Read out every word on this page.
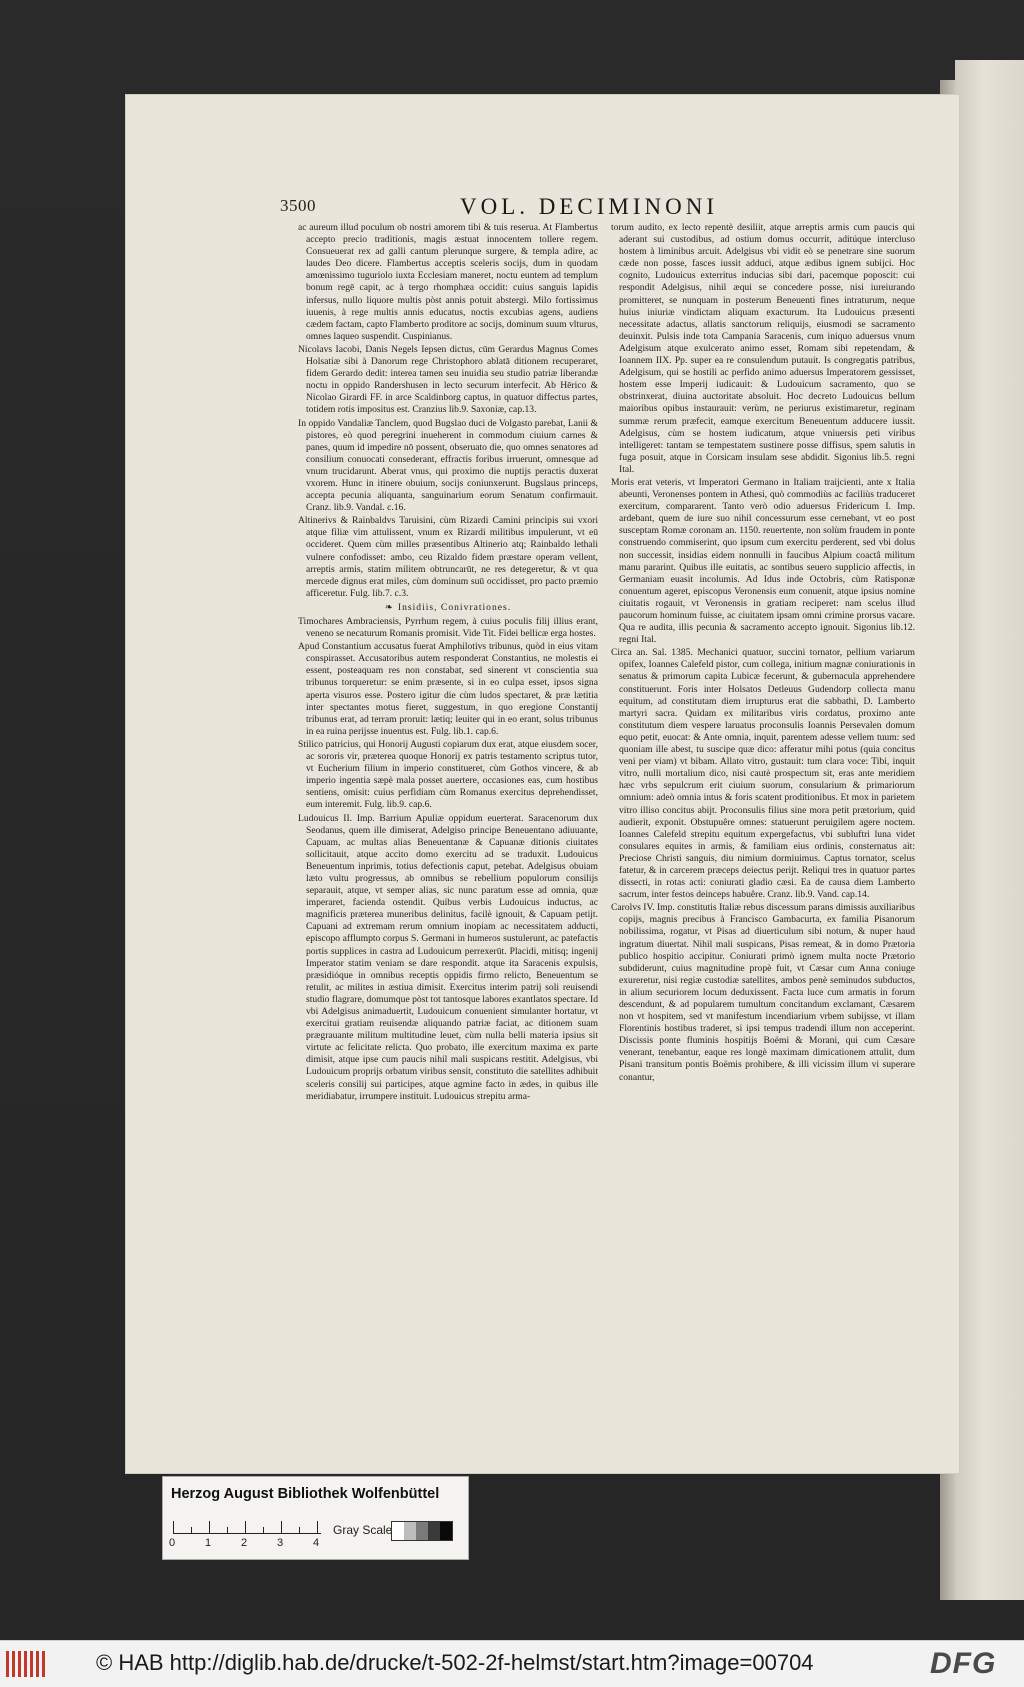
3500	VOL. DECIMINONI

ac aureum illud poculum ob nostri amorem tibi & tuis reserua. At Flambertus accepto precio traditionis, magis æstuat innocentem tollere regem. Consueuerat rex ad galli cantum plerunque surgere, & templa adire, ac laudes Deo dicere. Flambertus acceptis sceleris socijs, dum in quodam amœnissimo tuguriolo iuxta Ecclesiam maneret, noctu euntem ad templum bonum regē capit, ac à tergo rhomphæa occidit: cuius sanguis lapidis infersus, nullo liquore multis pòst annis potuit abstergi. Milo fortissimus iuuenis, à rege multis annis educatus, noctis excubias agens, audiens cædem factam, capto Flamberto proditore ac socijs, dominum suum vlturus, omnes laqueo suspendit. Cuspinianus.

Nicolavs Iacobi, Danis Negels Iepsen dictus, cūm Gerardus Magnus Comes Holsatiæ sibi à Danorum rege Christophoro ablatā ditionem recuperaret, fidem Gerardo dedit: interea tamen seu inuidia seu studio patriæ liberandæ noctu in oppido Randershusen in lecto securum interfecit. Ab Hērico & Nicolao Girardi FF. in arce Scaldinborg captus, in quatuor diffectus partes, totidem rotis impositus est. Cranzius lib.9. Saxoniæ, cap.13.

In oppido Vandaliæ Tanclem, quod Bugslao duci de Volgasto parebat, Lanii & pistores, eò quod peregrini inueherent in commodum ciuium carnes & panes, quum id impedire nō possent, obseruato die, quo omnes senatores ad consilium conuocati consederant, effractis foribus irruerunt, omnesque ad vnum trucidarunt. Aberat vnus, qui proximo die nuptijs peractis duxerat vxorem. Hunc in itinere obuium, socijs coniunxerunt. Bugslaus princeps, accepta pecunia aliquanta, sanguinarium eorum Senatum confirmauit. Cranz. lib.9. Vandal. c.16.

Altinerivs & Rainbaldvs Taruisini, cùm Rizardi Camini principis sui vxori atque filiæ vim attulissent, vnum ex Rizardi militibus impulerunt, vt eū occideret. Quem cùm milles præsentibus Altinerio atq; Rainbaldo lethali vulnere confodisset: ambo, ceu Rizaldo fidem præstare operam vellent, arreptis armis, statim militem obtruncarūt, ne res detegeretur, & vt qua mercede dignus erat miles, cùm dominum suū occidisset, pro pacto præmio afficeretur. Fulg. lib.7. c.3.

❧ Insidiis, Conivrationes.

Timochares Ambraciensis, Pyrrhum regem, à cuius poculis filij illius erant, veneno se necaturum Romanis promisit. Vide Tit. Fidei bellicæ erga hostes.

Apud Constantium accusatus fuerat Amphilotivs tribunus, quòd in eius vitam conspirasset. Accusatoribus autem responderat Constantius, ne molestis ei essent, posteaquam res non constabat, sed sinerent vt conscientia sua tribunus torqueretur: se enim præsente, si in eo culpa esset, ipsos signa aperta visuros esse. Postero igitur die cùm ludos spectaret, & præ lætitia inter spectantes motus fieret, suggestum, in quo eregione Constantij tribunus erat, ad terram proruit: lætiq; leuiter qui in eo erant, solus tribunus in ea ruina perijsse inuentus est. Fulg. lib.1. cap.6.

Stilico patricius, qui Honorij Augusti copiarum dux erat, atque eiusdem socer, ac sororis vir, præterea quoque Honorij ex patris testamento scriptus tutor, vt Eucherium filium in imperio constitueret, cùm Gothos vincere, & ab imperio ingentia sæpè mala posset auertere, occasiones eas, cum hostibus sentiens, omisit: cuius perfidiam cùm Romanus exercitus deprehendisset, eum interemit. Fulg. lib.9. cap.6.

Ludouicus II. Imp. Barrium Apuliæ oppidum euerterat. Saracenorum dux Seodanus, quem ille dimiserat, Adelgiso principe Beneuentano adiuuante, Capuam, ac multas alias Beneuentanæ & Capuanæ ditionis ciuitates sollicitauit, atque accito domo exercitu ad se traduxit. Ludouicus Beneuentum inprimis, totius defectionis caput, petebat. Adelgisus obuiam læto vultu progressus, ab omnibus se rebellium populorum consilijs separauit, atque, vt semper alias, sic nunc paratum esse ad omnia, quæ imperaret, facienda ostendit. Quibus verbis Ludouicus inductus, ac magnificis præterea muneribus delinitus, facilè ignouit, & Capuam petijt. Capuani ad extremam rerum omnium inopiam ac necessitatem adducti, episcopo afflumpto corpus S. Germani in humeros sustulerunt, ac patefactis portis supplices in castra ad Ludouicum perrexerūt. Placidi, mitisq; ingenij Imperator statim veniam se dare respondit. atque ita Saracenis expulsis, præsidióque in omnibus receptis oppidis firmo relicto, Beneuentum se retulit, ac milites in æstiua dimisit. Exercitus interim patrij soli reuisendi studio flagrare, domumque pòst tot tantosque labores exantlatos spectare. Id vbi Adelgisus animaduertit, Ludouicum conuenient simulanter hortatur, vt exercitui gratiam reuisendæ aliquando patriæ faciat, ac ditionem suam prægrauante militum multitudine leuet, cùm nulla belli materia ipsius sit virtute ac felicitate relicta. Quo probato, ille exercitum maxima ex parte dimisit, atque ipse cum paucis nihil mali suspicans restitit. Adelgisus, vbi Ludouicum proprijs orbatum viribus sensit, constituto die satellites adhibuit sceleris consilij sui participes, atque agmine facto in ædes, in quibus ille meridiabatur, irrumpere instituit. Ludouicus strepitu arma-

torum audito, ex lecto repentè desiliit, atque arreptis armis cum paucis qui aderant sui custodibus, ad ostium domus occurrit, aditúque intercluso hostem à liminibus arcuit. Adelgisus vbi vidit eò se penetrare sine suorum cæde non posse, fasces iussit adduci, atque ædibus ignem subijci. Hoc cognito, Ludouicus exterritus inducias sibi dari, pacemque poposcit: cui respondit Adelgisus, nihil æqui se concedere posse, nisi iureiurando promitteret, se nunquam in posterum Beneuenti fines intraturum, neque huius iniuriæ vindictam aliquam exacturum. Ita Ludouicus præsenti necessitate adactus, allatis sanctorum reliquijs, eiusmodi se sacramento deuinxit. Pulsis inde tota Campania Saracenis, cum iniquo aduersus vnum Adelgisum atque exulcerato animo esset, Romam sibi repetendam, & Ioannem IIX. Pp. super ea re consulendum putauit. Is congregatis patribus, Adelgisum, qui se hostili ac perfido animo aduersus Imperatorem gessisset, hostem esse Imperij iudicauit: & Ludouicum sacramento, quo se obstrinxerat, diuina auctoritate absoluit. Hoc decreto Ludouicus bellum maioribus opibus instaurauit: verùm, ne periurus existimaretur, reginam summæ rerum præfecit, eamque exercitum Beneuentum adducere iussit. Adelgisus, cùm se hostem iudicatum, atque vniuersis peti viribus intelligeret: tantam se tempestatem sustinere posse diffisus, spem salutis in fuga posuit, atque in Corsicam insulam sese abdidit. Sigonius lib.5. regni Ital.

Moris erat veteris, vt Imperatori Germano in Italiam traijcienti, ante x Italia abeunti, Veronenses pontem in Athesi, quò commodiùs ac faciliùs traduceret exercitum, compararent. Tanto verò odio aduersus Fridericum I. Imp. ardebant, quem de iure suo nihil concessurum esse cernebant, vt eo post susceptam Romæ coronam an. 1150. reuertente, non solùm fraudem in ponte construendo commiserint, quo ipsum cum exercitu perderent, sed vbi dolus non successit, insidias eidem nonnulli in faucibus Alpium coactâ militum manu pararint. Quibus ille euitatis, ac sontibus seuero supplicio affectis, in Germaniam euasit incolumis. Ad Idus inde Octobris, cùm Ratisponæ conuentum ageret, episcopus Veronensis eum conuenit, atque ipsius nomine ciuitatis rogauit, vt Veronensis in gratiam reciperet: nam scelus illud paucorum hominum fuisse, ac ciuitatem ipsam omni crimine prorsus vacare. Qua re audita, illis pecunia & sacramento accepto ignouit. Sigonius lib.12. regni Ital.

Circa an. Sal. 1385. Mechanici quatuor, succini tornator, pellium variarum opifex, Ioannes Calefeld pistor, cum collega, initium magnæ coniurationis in senatus & primorum capita Lubicæ fecerunt, & gubernacula apprehendere constituerunt. Foris inter Holsatos Detleuus Gudendorp collecta manu equitum, ad constitutam diem irrupturus erat die sabbathi, D. Lamberto martyri sacra. Quidam ex militaribus viris cordatus, proximo ante constitutum diem vespere laruatus proconsulis Ioannis Persevalen domum equo petit, euocat: & Ante omnia, inquit, parentem adesse vellem tuum: sed quoniam ille abest, tu suscipe quæ dico: afferatur mihi potus (quia concitus veni per viam) vt bibam. Allato vitro, gustauit: tum clara voce: Tibi, inquit vitro, nulli mortalium dico, nisi cautè prospectum sit, eras ante meridiem hæc vrbs sepulcrum erit ciuium suorum, consularium & primariorum omnium: adeò omnia intus & foris scatent proditionibus. Et mox in parietem vitro illiso concitus abijt. Proconsulis filius sine mora petit prætorium, quid audierit, exponit. Obstupuêre omnes: statuerunt peruigilem agere noctem. Ioannes Calefeld strepitu equitum expergefactus, vbi subluftri luna videt consulares equites in armis, & familiam eius ordinis, consternatus ait: Preciose Christi sanguis, diu nimium dormiuimus. Captus tornator, scelus fatetur, & in carcerem præceps deiectus perijt. Reliqui tres in quatuor partes dissecti, in rotas acti: coniurati gladio cæsi. Ea de causa diem Lamberto sacrum, inter festos deinceps habuêre. Cranz. lib.9. Vand. cap.14.

Carolvs IV. Imp. constitutis Italiæ rebus discessum parans dimissis auxiliaribus copijs, magnis precibus à Francisco Gambacurta, ex familia Pisanorum nobilissima, rogatur, vt Pisas ad diuerticulum sibi notum, & nuper haud ingratum diuertat. Nihil mali suspicans, Pisas remeat, & in domo Prætoria publico hospitio accipitur. Coniurati primò ignem multa nocte Prætorio subdiderunt, cuius magnitudine propè fuit, vt Cæsar cum Anna coniuge exureretur, nisi regiæ custodiæ satellites, ambos penè seminudos subductos, in alium securiorem locum deduxissent. Facta luce cum armatis in forum descendunt, & ad popularem tumultum concitandum exclamant, Cæsarem non vt hospitem, sed vt manifestum incendiarium vrbem subijsse, vt illam Florentinis hostibus traderet, si ipsi tempus tradendi illum non acceperint. Discissis ponte fluminis hospitijs Boëmi & Morani, qui cum Cæsare venerant, tenebantur, eaque res longè maximam dimicationem attulit, dum Pisani transitum pontis Boëmis prohibere, & illi vicissim illum vi superare conantur,

Herzog August Bibliothek Wolfenbüttel
0	1	2	3	4
Gray Scale
© HAB http://diglib.hab.de/drucke/t-502-2f-helmst/start.htm?image=00704	DFG
